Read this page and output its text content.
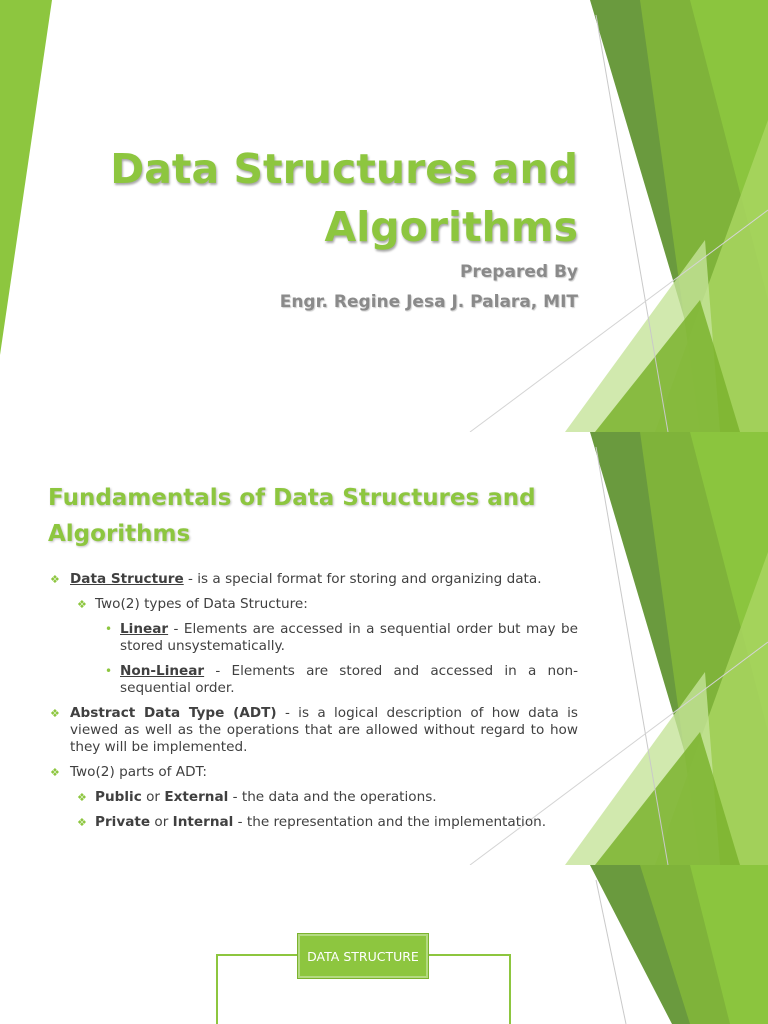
Data Structures and
Algorithms
Prepared By
Engr. Regine Jesa J. Palara, MIT
Fundamentals of Data Structures and Algorithms
❖ Data Structure - is a special format for storing and organizing data.
❖ Two(2) types of Data Structure:
• Linear - Elements are accessed in a sequential order but may be stored unsystematically.
• Non-Linear - Elements are stored and accessed in a non-sequential order.
❖ Abstract Data Type (ADT) - is a logical description of how data is viewed as well as the operations that are allowed without regard to how they will be implemented.
❖ Two(2) parts of ADT:
❖ Public or External - the data and the operations.
❖ Private or Internal - the representation and the implementation.
DATA STRUCTURE
